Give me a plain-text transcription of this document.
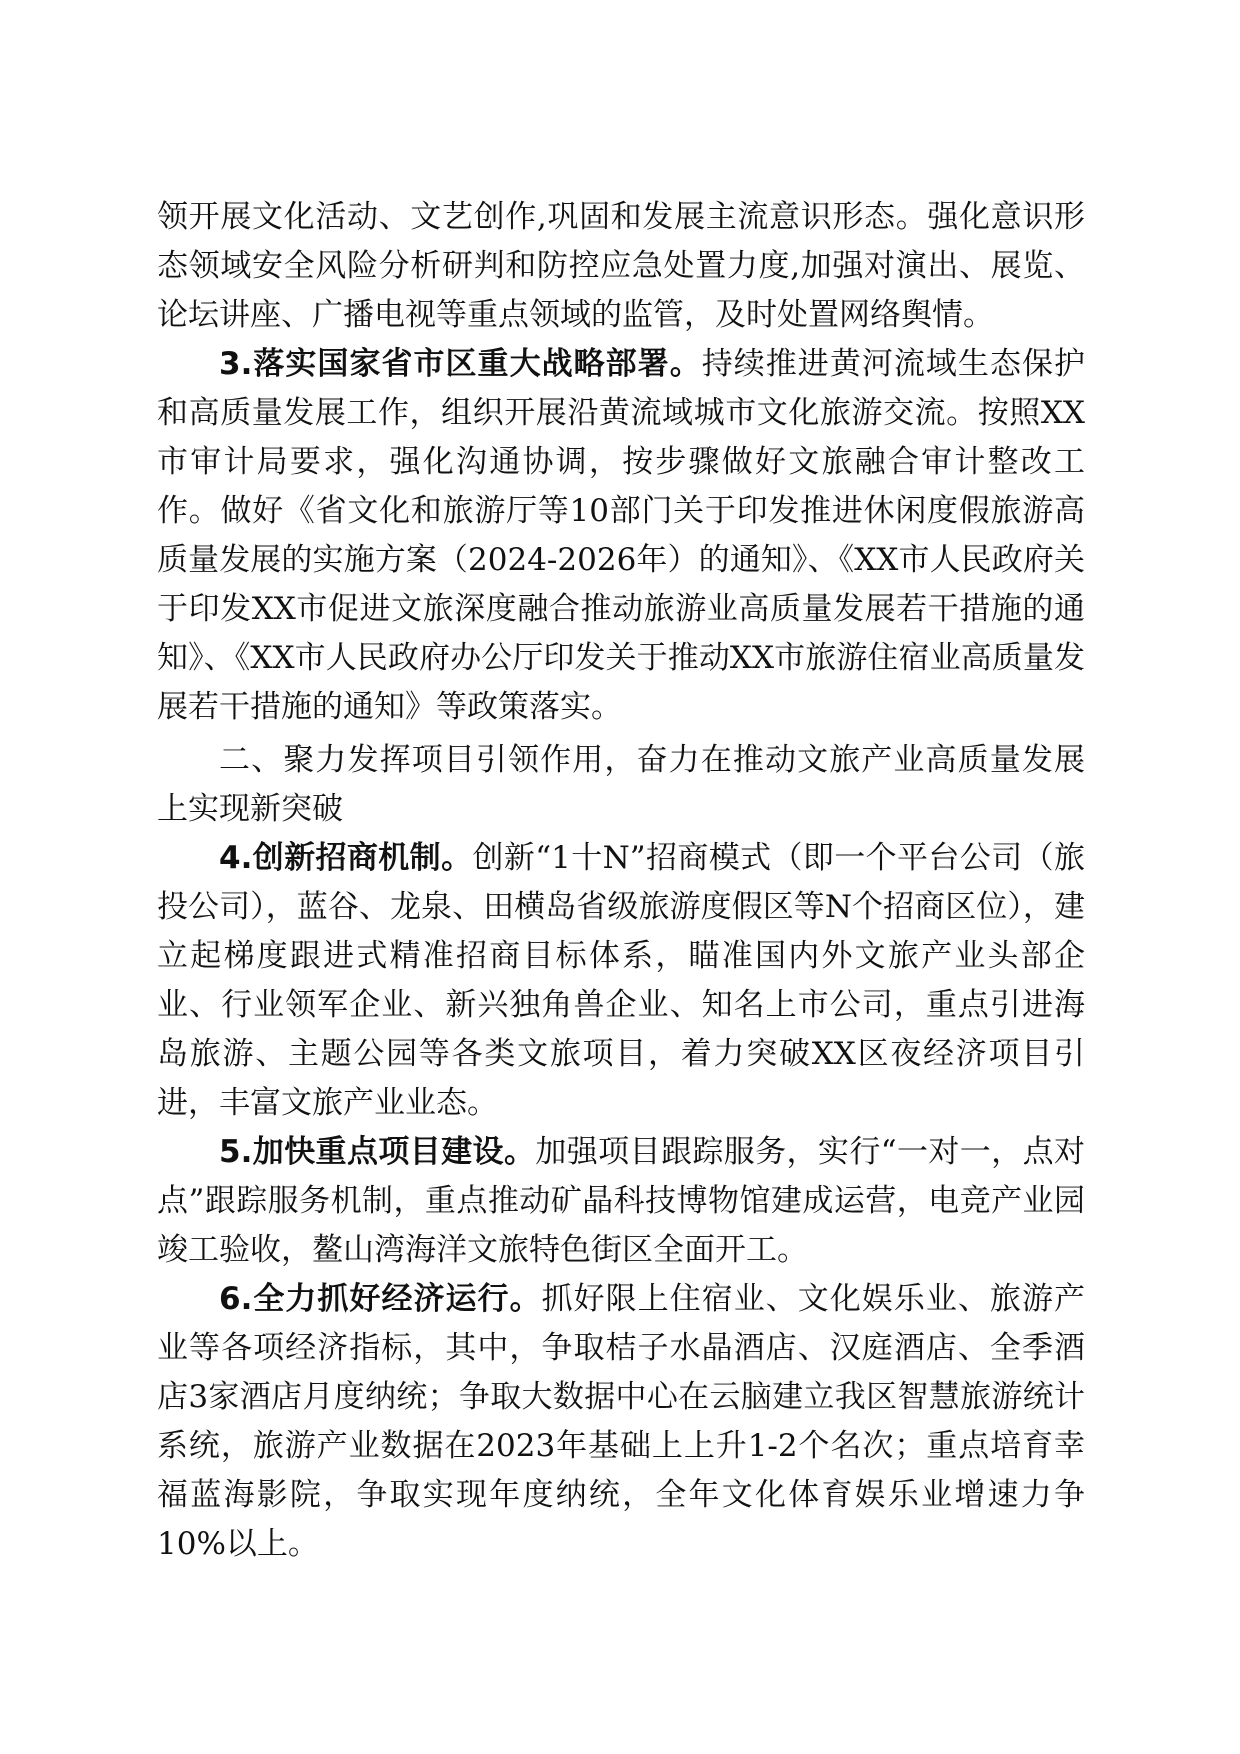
领开展文化活动、文艺创作,巩固和发展主流意识形态。强化意识形态领域安全风险分析研判和防控应急处置力度,加强对演出、展览、论坛讲座、广播电视等重点领域的监管，及时处置网络舆情。

3.落实国家省市区重大战略部署。持续推进黄河流域生态保护和高质量发展工作，组织开展沿黄流域城市文化旅游交流。按照XX市审计局要求，强化沟通协调，按步骤做好文旅融合审计整改工作。做好《省文化和旅游厅等10部门关于印发推进休闲度假旅游高质量发展的实施方案（2024-2026年）的通知》、《XX市人民政府关于印发XX市促进文旅深度融合推动旅游业高质量发展若干措施的通知》、《XX市人民政府办公厅印发关于推动XX市旅游住宿业高质量发展若干措施的通知》等政策落实。

二、聚力发挥项目引领作用，奋力在推动文旅产业高质量发展上实现新突破

4.创新招商机制。创新“1十N”招商模式（即一个平台公司（旅投公司），蓝谷、龙泉、田横岛省级旅游度假区等N个招商区位），建立起梯度跟进式精准招商目标体系，瞄准国内外文旅产业头部企业、行业领军企业、新兴独角兽企业、知名上市公司，重点引进海岛旅游、主题公园等各类文旅项目，着力突破XX区夜经济项目引进，丰富文旅产业业态。

5.加快重点项目建设。加强项目跟踪服务，实行“一对一，点对点”跟踪服务机制，重点推动矿晶科技博物馆建成运营，电竞产业园竣工验收，鳌山湾海洋文旅特色街区全面开工。

6.全力抓好经济运行。抓好限上住宿业、文化娱乐业、旅游产业等各项经济指标，其中，争取桔子水晶酒店、汉庭酒店、全季酒店3家酒店月度纳统；争取大数据中心在云脑建立我区智慧旅游统计系统，旅游产业数据在2023年基础上上升1-2个名次；重点培育幸福蓝海影院，争取实现年度纳统，全年文化体育娱乐业增速力争10%以上。
